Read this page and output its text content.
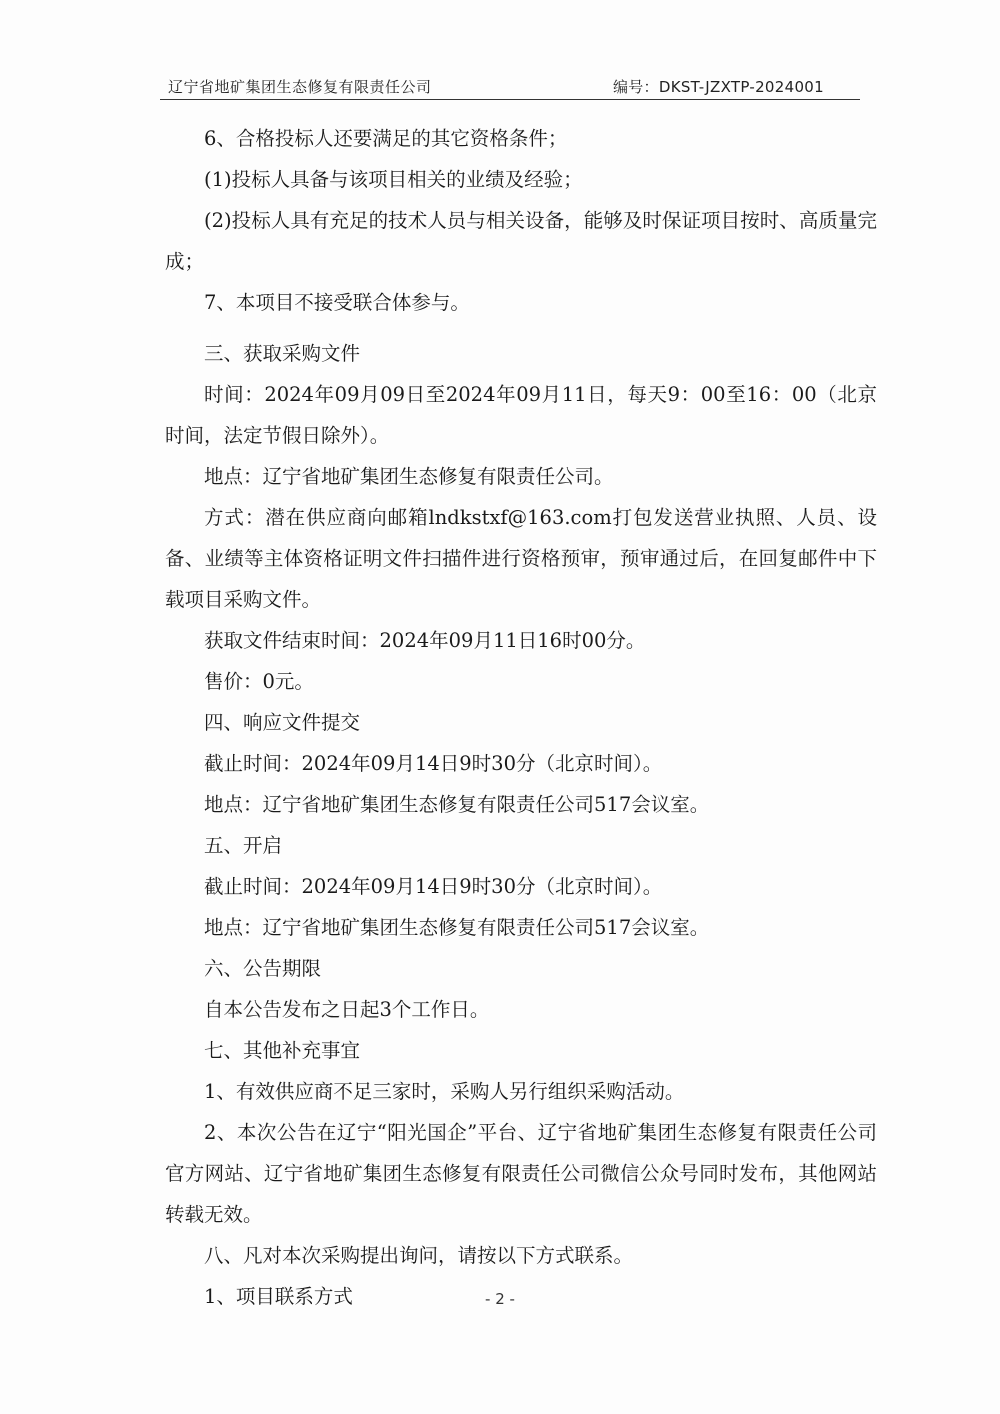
辽宁省地矿集团生态修复有限责任公司	编号：DKST-JZXTP-2024001

6、合格投标人还要满足的其它资格条件；

(1)投标人具备与该项目相关的业绩及经验；

(2)投标人具有充足的技术人员与相关设备，能够及时保证项目按时、高质量完成；

7、本项目不接受联合体参与。

三、获取采购文件

时间：2024年09月09日至2024年09月11日，每天9：00至16：00（北京时间，法定节假日除外）。

地点：辽宁省地矿集团生态修复有限责任公司。

方式：潜在供应商向邮箱lndkstxf@163.com打包发送营业执照、人员、设备、业绩等主体资格证明文件扫描件进行资格预审，预审通过后，在回复邮件中下载项目采购文件。

获取文件结束时间：2024年09月11日16时00分。

售价：0元。

四、响应文件提交

截止时间：2024年09月14日9时30分（北京时间）。

地点：辽宁省地矿集团生态修复有限责任公司517会议室。

五、开启

截止时间：2024年09月14日9时30分（北京时间）。

地点：辽宁省地矿集团生态修复有限责任公司517会议室。

六、公告期限

自本公告发布之日起3个工作日。

七、其他补充事宜

1、有效供应商不足三家时，采购人另行组织采购活动。

2、本次公告在辽宁“阳光国企”平台、辽宁省地矿集团生态修复有限责任公司官方网站、辽宁省地矿集团生态修复有限责任公司微信公众号同时发布，其他网站转载无效。

八、凡对本次采购提出询问，请按以下方式联系。

1、项目联系方式	- 2 -
